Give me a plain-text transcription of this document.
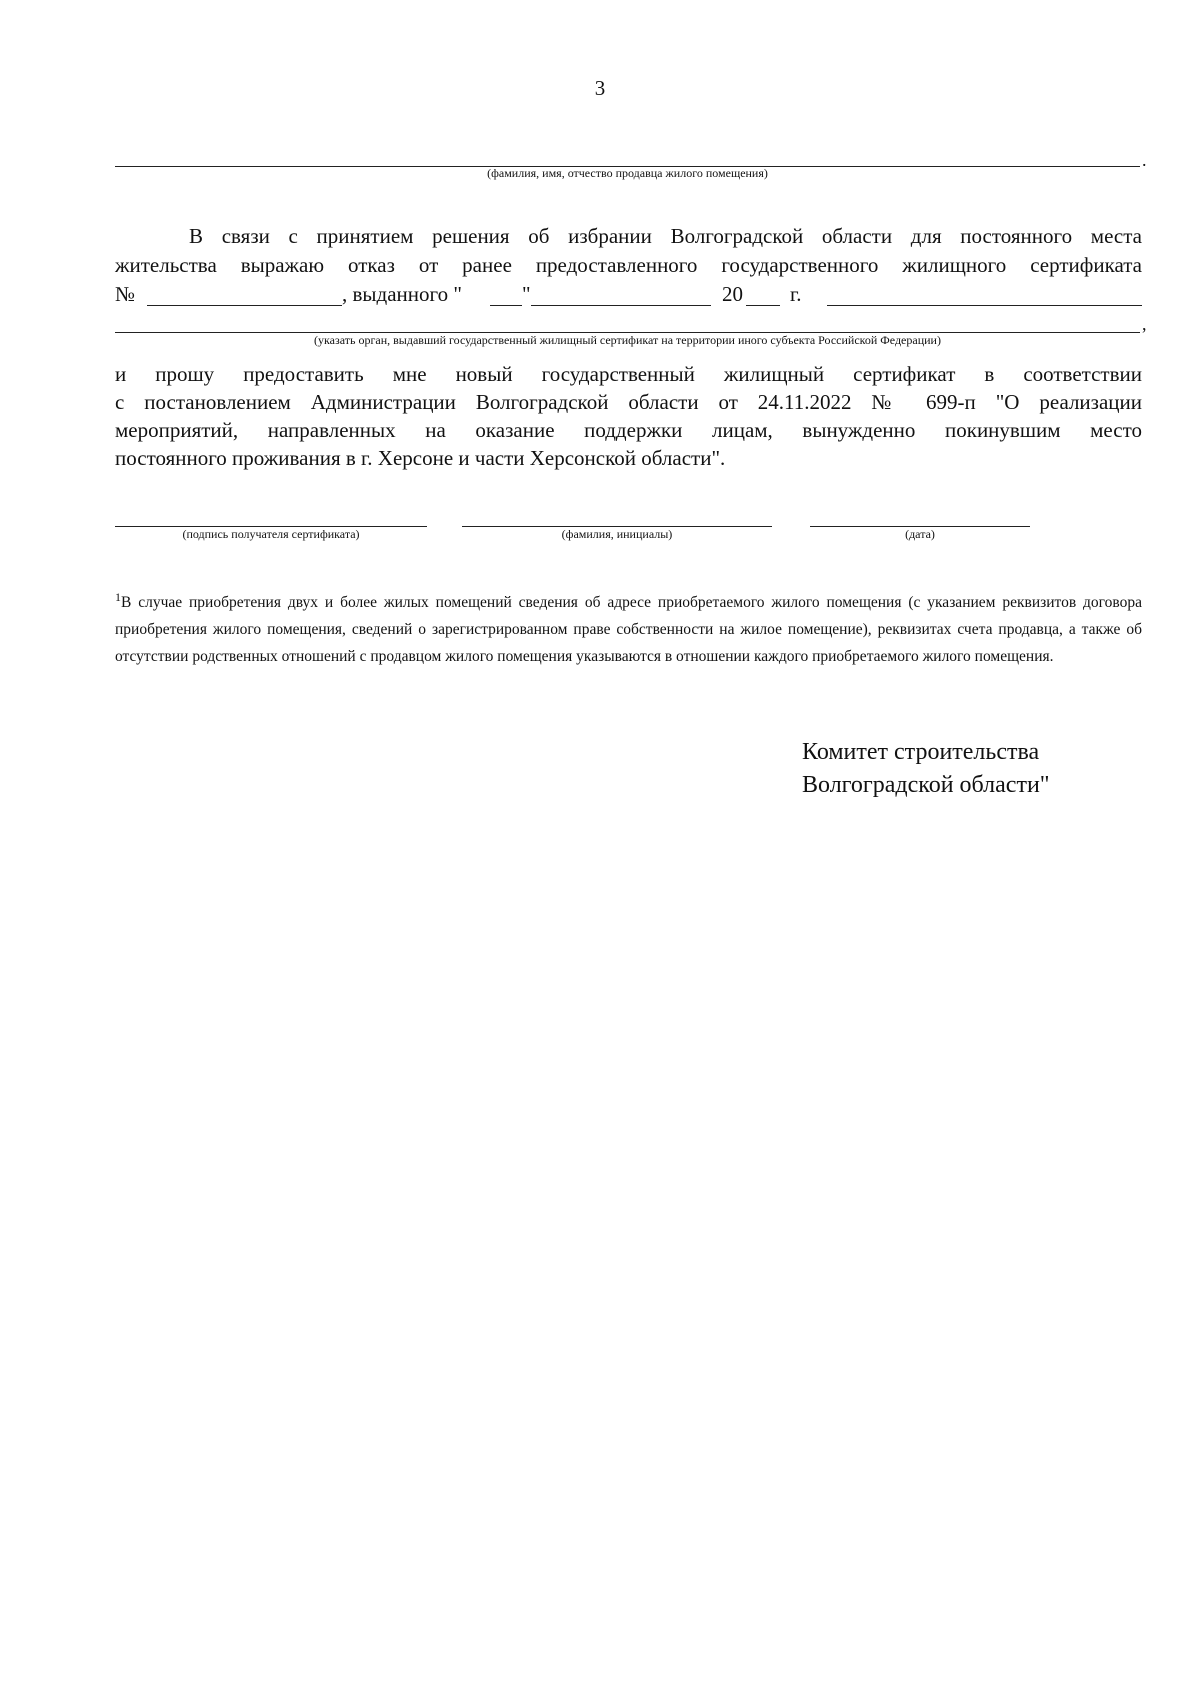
3
.
(фамилия, имя, отчество продавца жилого помещения)
В связи с принятием решения об избрании Волгоградской области для постоянного места
жительства выражаю отказ от ранее предоставленного государственного жилищного сертификата
№	, выданного "	"	20 г.
,
(указать орган, выдавший государственный жилищный сертификат на территории иного субъекта Российской Федерации)
и прошу предоставить мне новый государственный жилищный сертификат в соответствии
с постановлением Администрации Волгоградской области от 24.11.2022 № 699-п "О реализации
мероприятий, направленных на оказание поддержки лицам, вынужденно покинувшим место
постоянного проживания в г. Херсоне и части Херсонской области".
(подпись получателя сертификата)	(фамилия, инициалы)	(дата)
$^1$В случае приобретения двух и более жилых помещений сведения об адресе приобретаемого жилого помещения (с указанием реквизитов договора приобретения жилого помещения, сведений о зарегистрированном праве собственности на жилое помещение), реквизитах счета продавца, а также об отсутствии родственных отношений с продавцом жилого помещения указываются в отношении каждого приобретаемого жилого помещения.
Комитет строительства
Волгоградской области"
